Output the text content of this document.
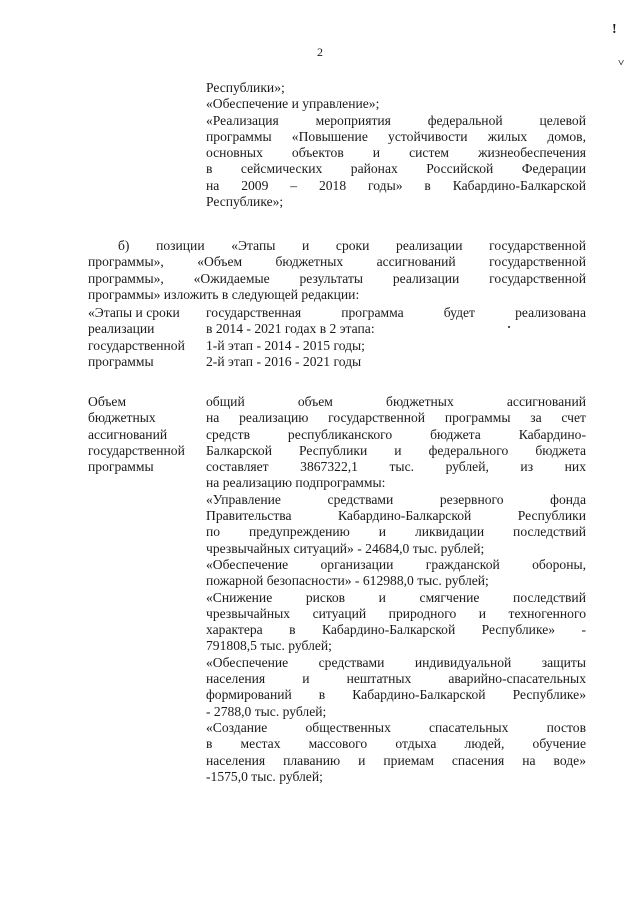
2
!
˅
Республики»;
«Обеспечение и управление»;
«Реализация мероприятия федеральной целевой
программы «Повышение устойчивости жилых домов,
основных объектов и систем жизнеобеспечения
в сейсмических районах Российской Федерации
на 2009 – 2018 годы» в Кабардино-Балкарской
Республике»;
б) позиции «Этапы и сроки реализации государственной
программы», «Объем бюджетных ассигнований государственной
программы», «Ожидаемые результаты реализации государственной
программы» изложить в следующей редакции:
«Этапы и сроки
реализации
государственной
программы
государственная программа будет реализована
в 2014 - 2021 годах в 2 этапа:
1-й этап - 2014 - 2015 годы;
2-й этап - 2016 - 2021 годы
Объем
бюджетных
ассигнований
государственной
программы
общий объем бюджетных ассигнований
на реализацию государственной программы за счет
средств республиканского бюджета Кабардино-
Балкарской Республики и федерального бюджета
составляет 3867322,1 тыс. рублей, из них
на реализацию подпрограммы:
«Управление средствами резервного фонда
Правительства Кабардино-Балкарской Республики
по предупреждению и ликвидации последствий
чрезвычайных ситуаций» - 24684,0 тыс. рублей;
«Обеспечение организации гражданской обороны,
пожарной безопасности» - 612988,0 тыс. рублей;
«Снижение рисков и смягчение последствий
чрезвычайных ситуаций природного и техногенного
характера в Кабардино-Балкарской Республике» -
791808,5 тыс. рублей;
«Обеспечение средствами индивидуальной защиты
населения и нештатных аварийно-спасательных
формирований в Кабардино-Балкарской Республике»
- 2788,0 тыс. рублей;
«Создание общественных спасательных постов
в местах массового отдыха людей, обучение
населения плаванию и приемам спасения на воде»
-1575,0 тыс. рублей;
